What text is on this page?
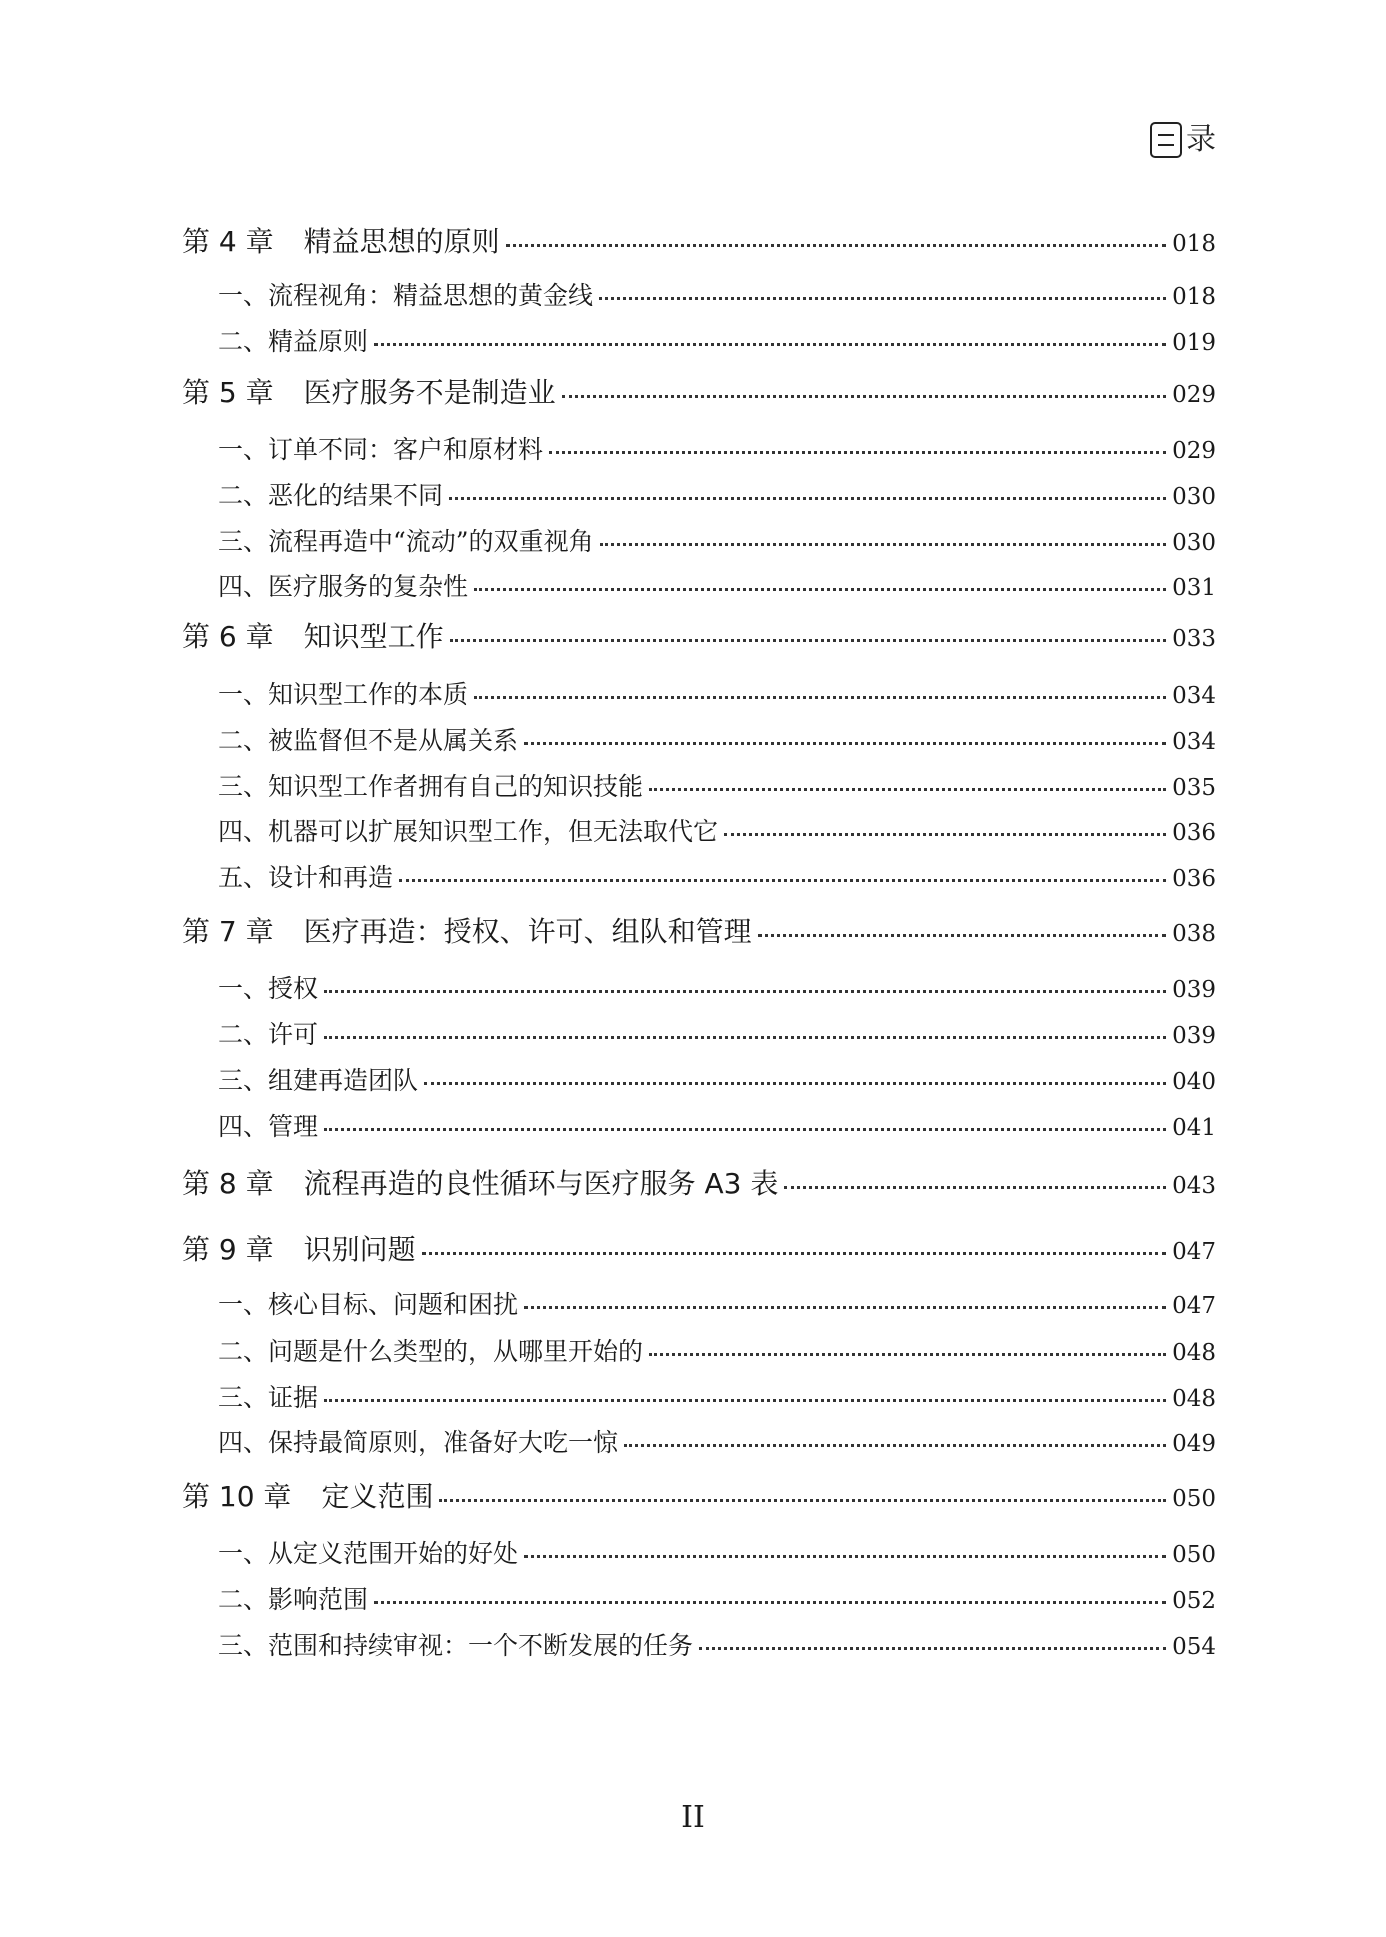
录
第 4 章 精益思想的原则	018
一、流程视角：精益思想的黄金线	018
二、精益原则	019
第 5 章 医疗服务不是制造业	029
一、订单不同：客户和原材料	029
二、恶化的结果不同	030
三、流程再造中“流动”的双重视角	030
四、医疗服务的复杂性	031
第 6 章 知识型工作	033
一、知识型工作的本质	034
二、被监督但不是从属关系	034
三、知识型工作者拥有自己的知识技能	035
四、机器可以扩展知识型工作，但无法取代它	036
五、设计和再造	036
第 7 章 医疗再造：授权、许可、组队和管理	038
一、授权	039
二、许可	039
三、组建再造团队	040
四、管理	041
第 8 章 流程再造的良性循环与医疗服务 A3 表	043
第 9 章 识别问题	047
一、核心目标、问题和困扰	047
二、问题是什么类型的，从哪里开始的	048
三、证据	048
四、保持最简原则，准备好大吃一惊	049
第 10 章 定义范围	050
一、从定义范围开始的好处	050
二、影响范围	052
三、范围和持续审视：一个不断发展的任务	054
II
